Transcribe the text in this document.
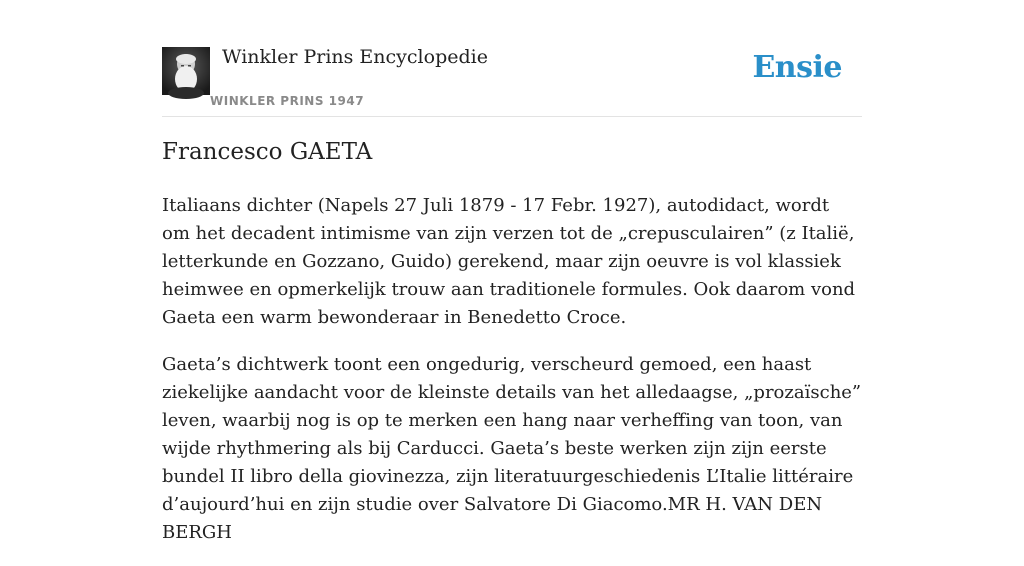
Winkler Prins Encyclopedie
WINKLER PRINS 1947
Ensie
Francesco GAETA

Italiaans dichter (Napels 27 Juli 1879 - 17 Febr. 1927), autodidact, wordt om het decadent intimisme van zijn verzen tot de „crepusculairen” (z Italië, letterkunde en Gozzano, Guido) gerekend, maar zijn oeuvre is vol klassiek heimwee en opmerkelijk trouw aan traditionele formules. Ook daarom vond Gaeta een warm bewonderaar in Benedetto Croce.

Gaeta’s dichtwerk toont een ongedurig, verscheurd gemoed, een haast ziekelijke aandacht voor de kleinste details van het alledaagse, „prozaïsche” leven, waarbij nog is op te merken een hang naar verheffing van toon, van wijde rhythmering als bij Carducci. Gaeta’s beste werken zijn zijn eerste bundel II libro della giovinezza, zijn literatuurgeschiedenis L’Italie littéraire d’aujourd’hui en zijn studie over Salvatore Di Giacomo.MR H. VAN DEN BERGH
